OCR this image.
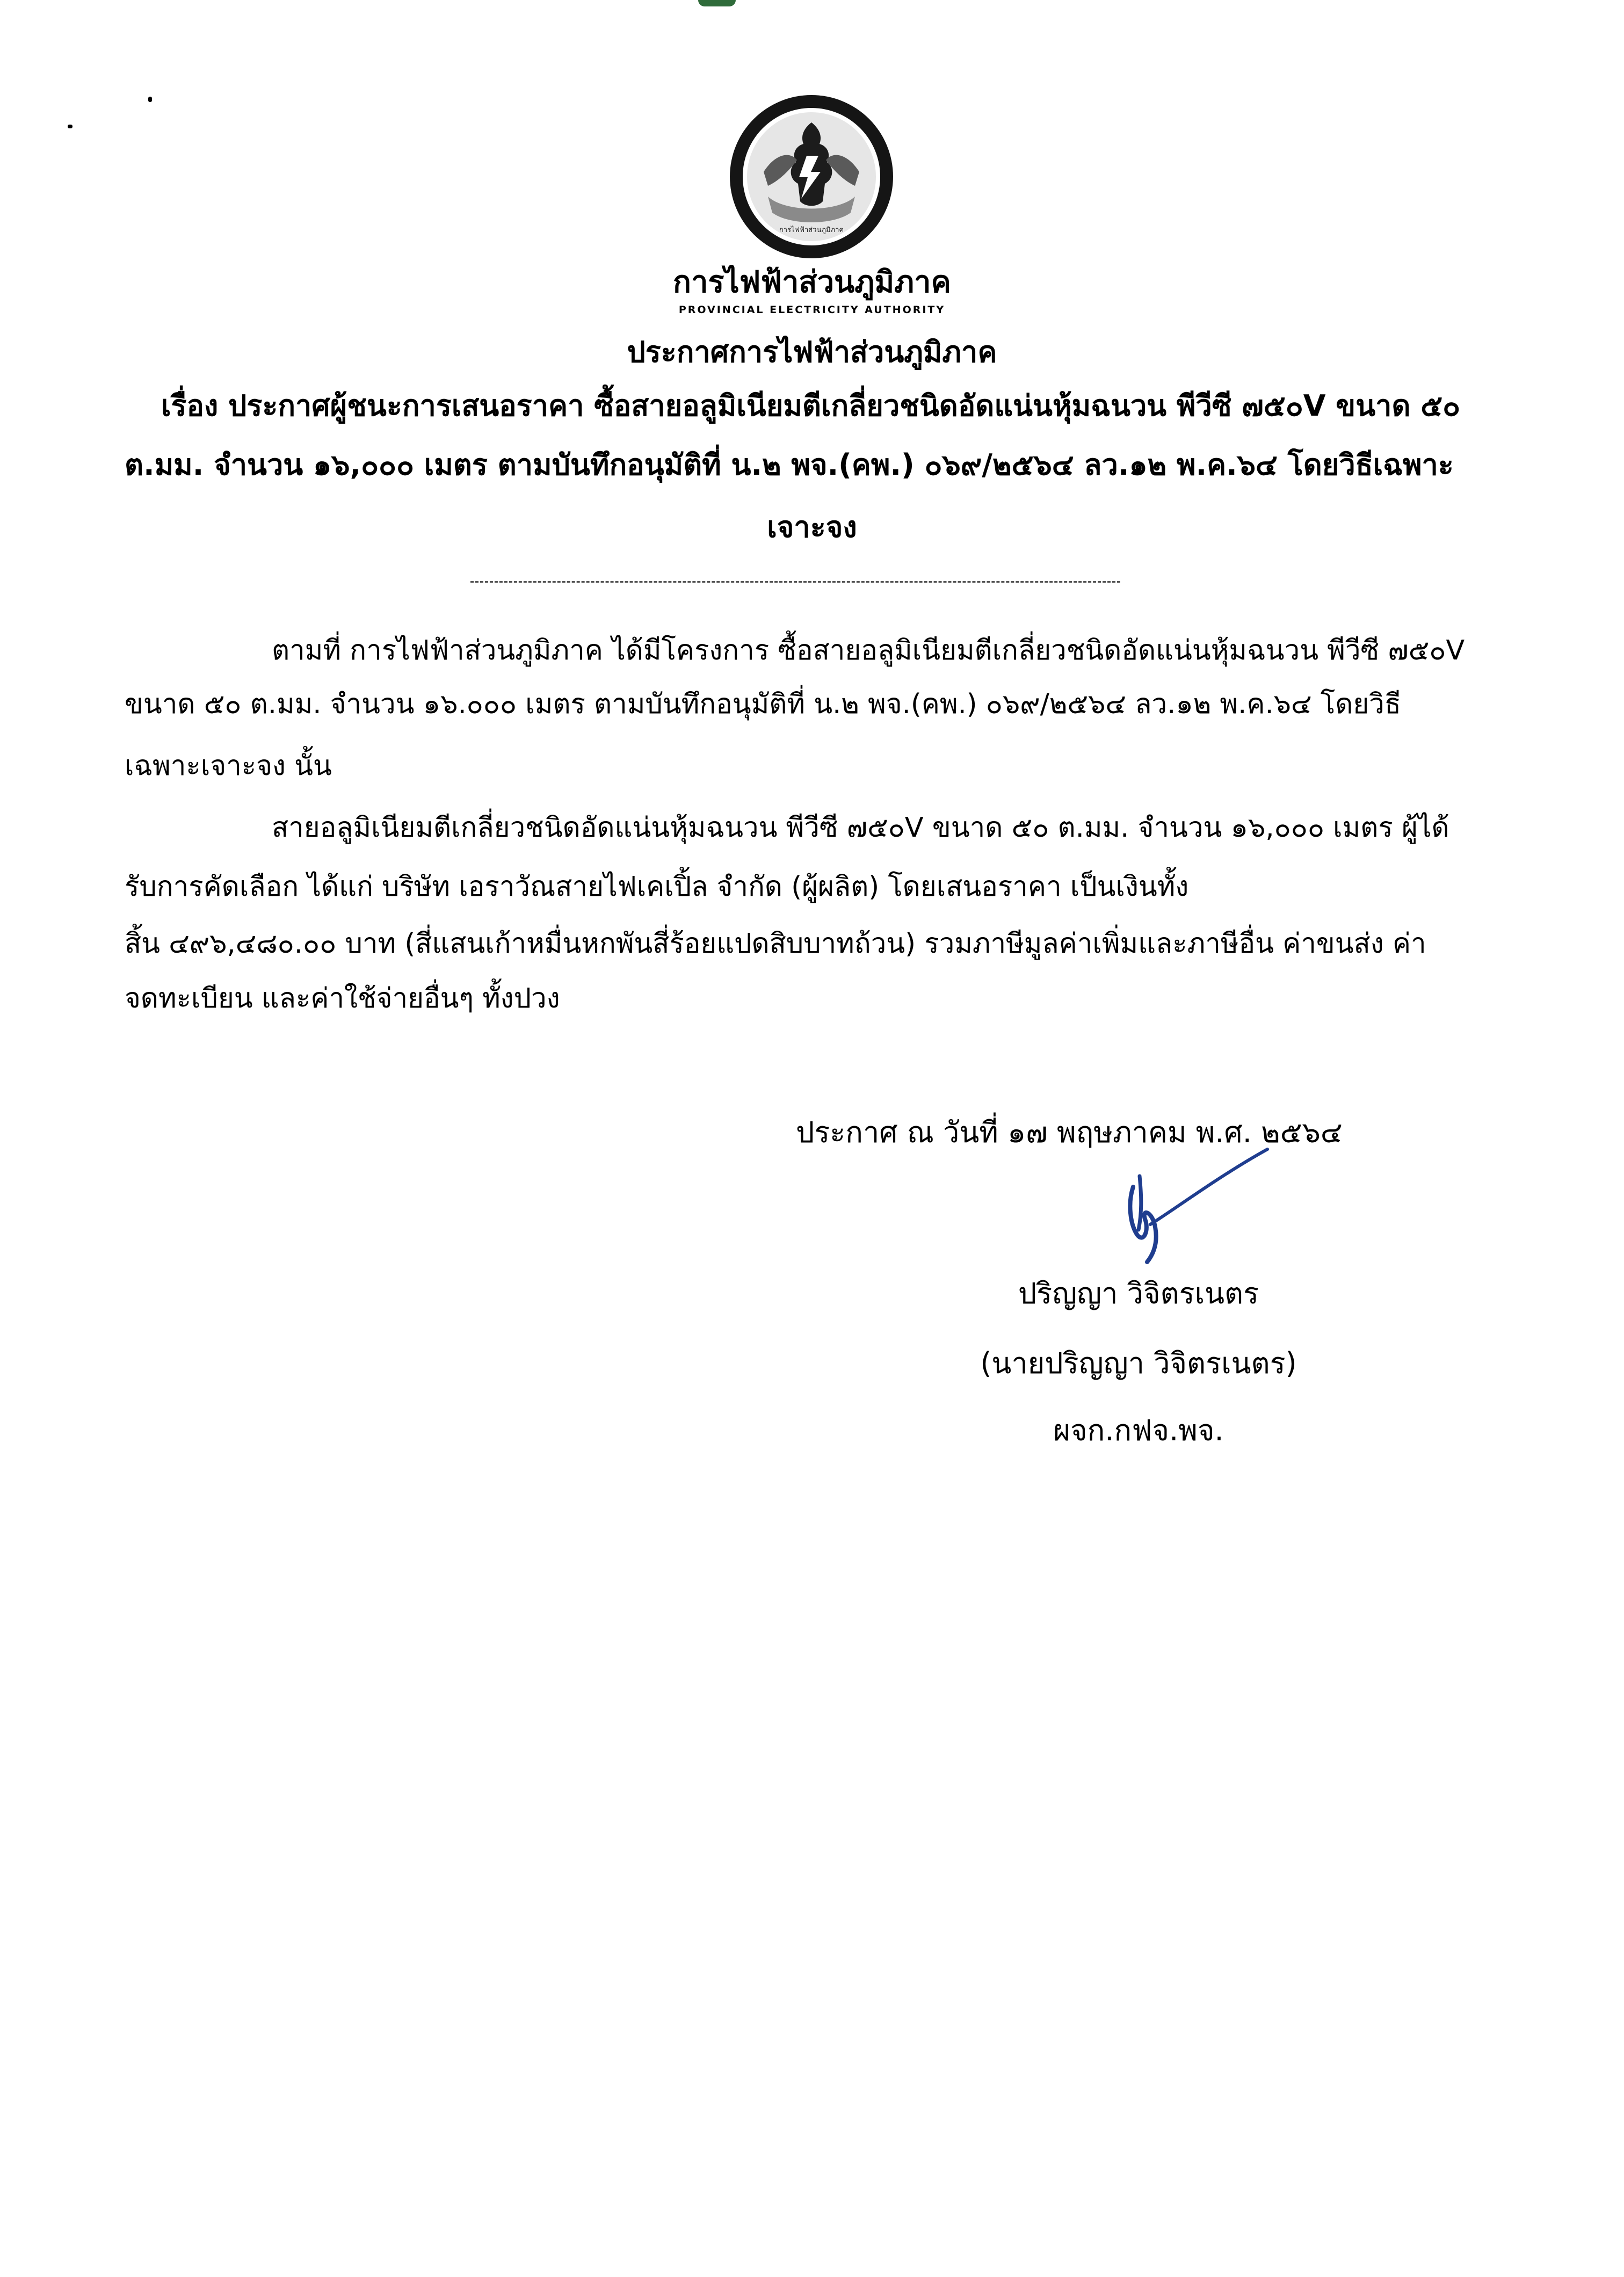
การไฟฟ้าส่วนภูมิภาค
การไฟฟ้าส่วนภูมิภาค
PROVINCIAL ELECTRICITY AUTHORITY
ประกาศการไฟฟ้าส่วนภูมิภาค
เรื่อง ประกาศผู้ชนะการเสนอราคา ซื้อสายอลูมิเนียมตีเกลี่ยวชนิดอัดแน่นหุ้มฉนวน พีวีซี ๗๕๐V ขนาด ๕๐
ต.มม. จำนวน ๑๖,๐๐๐ เมตร ตามบันทึกอนุมัติที่ น.๒ พจ.(คพ.) ๐๖๙/๒๕๖๔ ลว.๑๒ พ.ค.๖๔ โดยวิธีเฉพาะ
เจาะจง
ตามที่ การไฟฟ้าส่วนภูมิภาค ได้มีโครงการ ซื้อสายอลูมิเนียมตีเกลี่ยวชนิดอัดแน่นหุ้มฉนวน พีวีซี ๗๕๐V
ขนาด ๕๐ ต.มม. จำนวน ๑๖.๐๐๐ เมตร ตามบันทึกอนุมัติที่ น.๒ พจ.(คพ.) ๐๖๙/๒๕๖๔ ลว.๑๒ พ.ค.๖๔ โดยวิธี
เฉพาะเจาะจง นั้น
สายอลูมิเนียมตีเกลี่ยวชนิดอัดแน่นหุ้มฉนวน พีวีซี ๗๕๐V ขนาด ๕๐ ต.มม. จำนวน ๑๖,๐๐๐ เมตร ผู้ได้
รับการคัดเลือก ได้แก่ บริษัท เอราวัณสายไฟเคเปิ้ล จำกัด (ผู้ผลิต) โดยเสนอราคา เป็นเงินทั้ง
สิ้น ๔๙๖,๔๘๐.๐๐ บาท (สี่แสนเก้าหมื่นหกพันสี่ร้อยแปดสิบบาทถ้วน) รวมภาษีมูลค่าเพิ่มและภาษีอื่น ค่าขนส่ง ค่า
จดทะเบียน และค่าใช้จ่ายอื่นๆ ทั้งปวง
ประกาศ ณ วันที่ ๑๗ พฤษภาคม พ.ศ. ๒๕๖๔
ปริญญา วิจิตรเนตร
(นายปริญญา วิจิตรเนตร)
ผจก.กฟจ.พจ.
